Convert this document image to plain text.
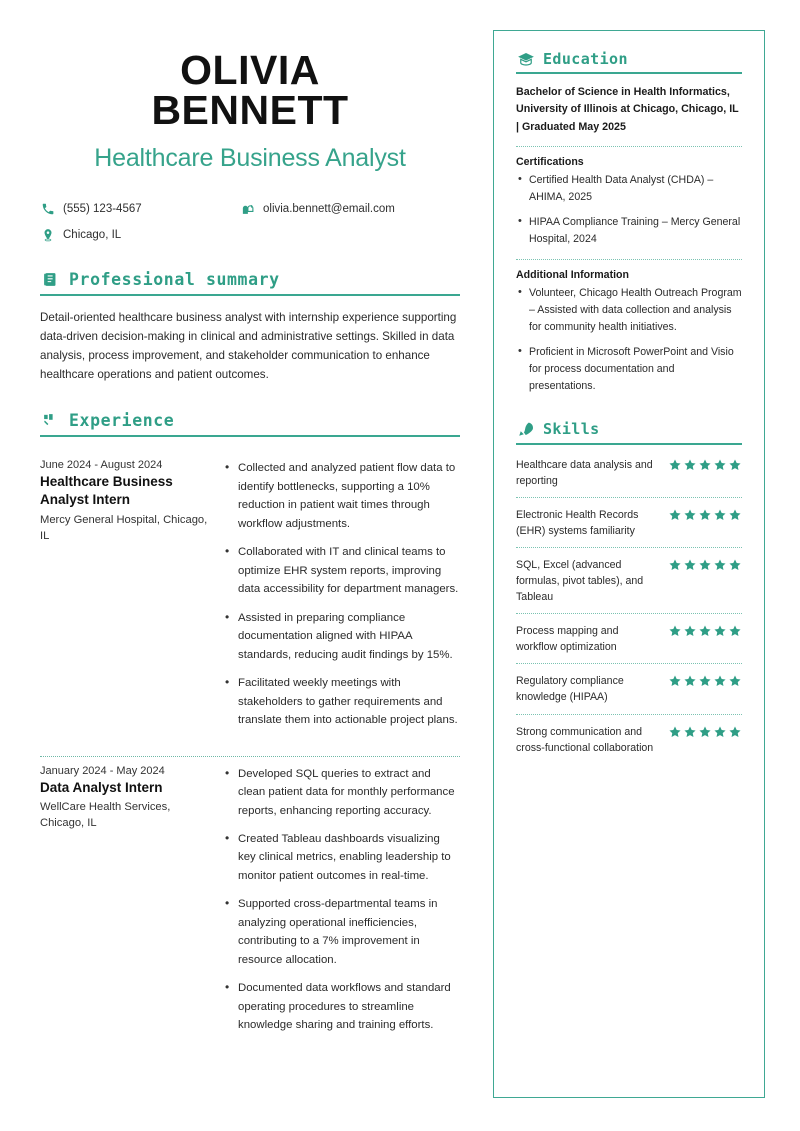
OLIVIA
BENNETT
Healthcare Business Analyst
(555) 123-4567	olivia.bennett@email.com
Chicago, IL
Professional summary
Detail-oriented healthcare business analyst with internship experience supporting data-driven decision-making in clinical and administrative settings. Skilled in data analysis, process improvement, and stakeholder communication to enhance healthcare operations and patient outcomes.
Experience
June 2024 - August 2024
Healthcare Business Analyst Intern
Mercy General Hospital, Chicago, IL
• Collected and analyzed patient flow data to identify bottlenecks, supporting a 10% reduction in patient wait times through workflow adjustments.
• Collaborated with IT and clinical teams to optimize EHR system reports, improving data accessibility for department managers.
• Assisted in preparing compliance documentation aligned with HIPAA standards, reducing audit findings by 15%.
• Facilitated weekly meetings with stakeholders to gather requirements and translate them into actionable project plans.
January 2024 - May 2024
Data Analyst Intern
WellCare Health Services, Chicago, IL
• Developed SQL queries to extract and clean patient data for monthly performance reports, enhancing reporting accuracy.
• Created Tableau dashboards visualizing key clinical metrics, enabling leadership to monitor patient outcomes in real-time.
• Supported cross-departmental teams in analyzing operational inefficiencies, contributing to a 7% improvement in resource allocation.
• Documented data workflows and standard operating procedures to streamline knowledge sharing and training efforts.
Education
Bachelor of Science in Health Informatics, University of Illinois at Chicago, Chicago, IL | Graduated May 2025
Certifications
• Certified Health Data Analyst (CHDA) – AHIMA, 2025
• HIPAA Compliance Training – Mercy General Hospital, 2024
Additional Information
• Volunteer, Chicago Health Outreach Program – Assisted with data collection and analysis for community health initiatives.
• Proficient in Microsoft PowerPoint and Visio for process documentation and presentations.
Skills
Healthcare data analysis and reporting
Electronic Health Records (EHR) systems familiarity
SQL, Excel (advanced formulas, pivot tables), and Tableau
Process mapping and workflow optimization
Regulatory compliance knowledge (HIPAA)
Strong communication and cross-functional collaboration
